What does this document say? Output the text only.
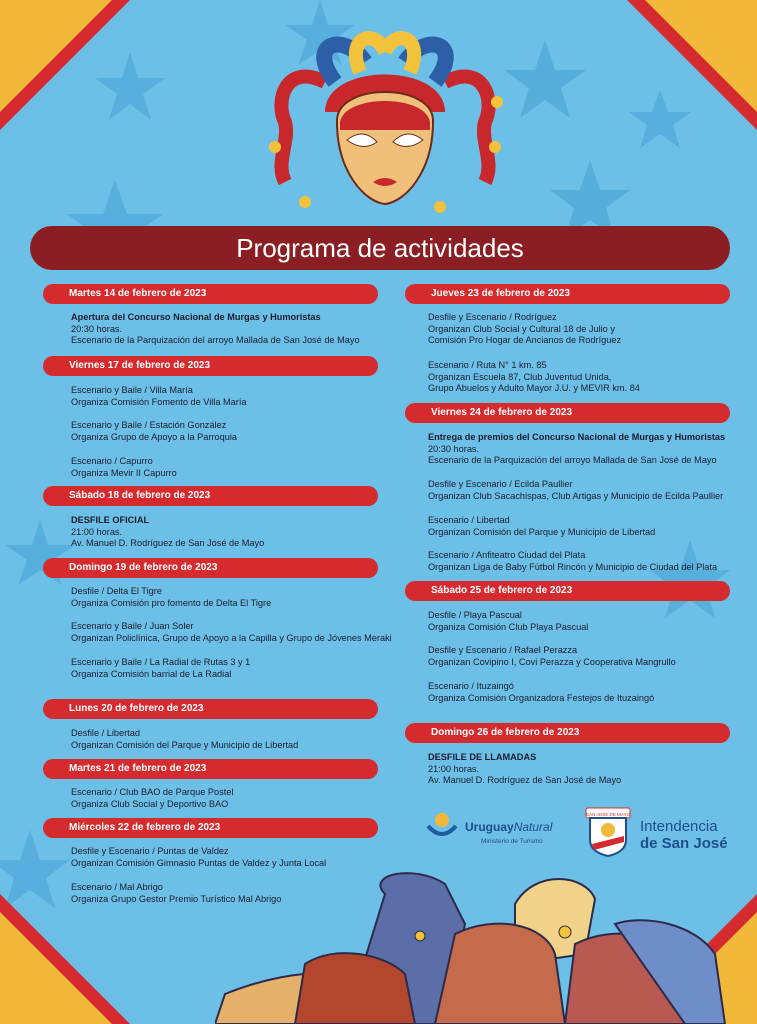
Programa de actividades
Martes 14 de febrero de 2023
Apertura del Concurso Nacional de Murgas y Humoristas
20:30 horas.
Escenario de la Parquización del arroyo Mallada de San José de Mayo
Viernes 17 de febrero de 2023
Escenario y Baile / Villa María
Organiza Comisión Fomento de Villa María
Escenario y Baile / Estación González
Organiza Grupo de Apoyo a la Parroquia
Escenario / Capurro
Organiza Mevir II Capurro
Sábado 18 de febrero de 2023
DESFILE OFICIAL
21:00 horas.
Av. Manuel D. Rodríguez de San José de Mayo
Domingo 19 de febrero de 2023
Desfile / Delta El Tigre
Organiza Comisión pro fomento de Delta El Tigre
Escenario y Baile / Juan Soler
Organizan Policlínica, Grupo de Apoyo a la Capilla y Grupo de Jóvenes Meraki
Escenario y Baile / La Radial de Rutas 3 y 1
Organiza Comisión barrial de La Radial
Lunes 20 de febrero de 2023
Desfile / Libertad
Organizan Comisión del Parque y Municipio de Libertad
Martes 21 de febrero de 2023
Escenario / Club BAO de Parque Postel
Organiza Club Social y Deportivo BAO
Miércoles 22 de febrero de 2023
Desfile y Escenario / Puntas de Valdez
Organizan Comisión Gimnasio Puntas de Valdez y Junta Local
Escenario / Mal Abrigo
Organiza Grupo Gestor Premio Turístico Mal Abrigo
Jueves 23 de febrero de 2023
Desfile y Escenario / Rodríguez
Organizan Club Social y Cultural 18 de Julio y
Comisión Pro Hogar de Ancianos de Rodríguez
Escenario / Ruta N° 1 km. 85
Organizan Escuela 87, Club Juventud Unida,
Grupo Abuelos y Adulto Mayor J.U. y MEVIR km. 84
Viernes 24 de febrero de 2023
Entrega de premios del Concurso Nacional de Murgas y Humoristas
20:30 horas.
Escenario de la Parquización del arroyo Mallada de San José de Mayo
Desfile y Escenario / Ecilda Paullier
Organizan Club Sacachispas, Club Artigas y Municipio de Ecilda Paullier
Escenario / Libertad
Organizan Comisión del Parque y Municipio de Libertad
Escenario / Anfiteatro Ciudad del Plata
Organizan Liga de Baby Fútbol Rincón y Municipio de Ciudad del Plata
Sábado 25 de febrero de 2023
Desfile / Playa Pascual
Organiza Comisión Club Playa Pascual
Desfile y Escenario / Rafael Perazza
Organizan Covipino I, Covi Perazza y Cooperativa Mangrullo
Escenario / Ituzaingó
Organiza Comisión Organizadora Festejos de Ituzaingó
Domingo 26 de febrero de 2023
DESFILE DE LLAMADAS
21:00 horas.
Av. Manuel D. Rodríguez de San José de Mayo
UruguayNatural
Ministerio de Turismo
SAN JOSÉ DE MAYO
Intendencia
de San José
